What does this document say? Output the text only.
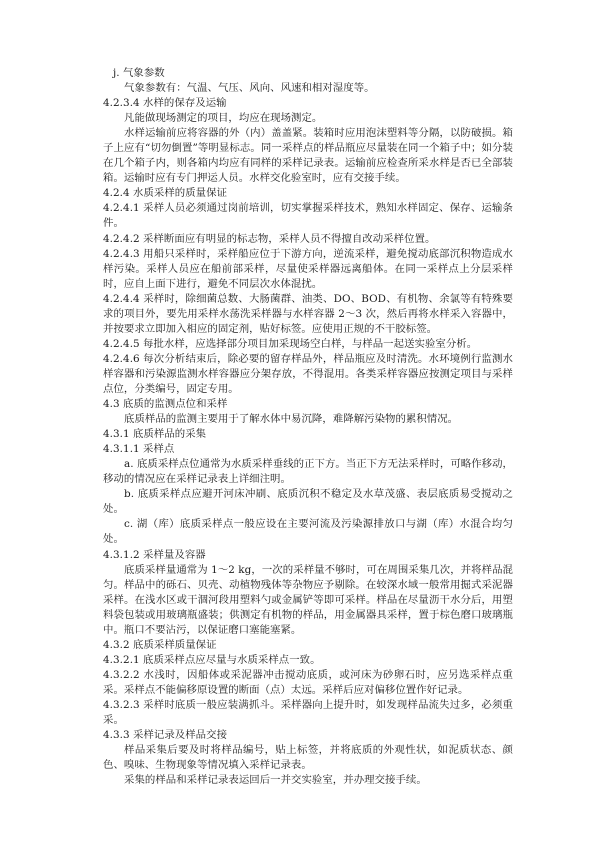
j. 气象参数

气象参数有：气温、气压、风向、风速和相对湿度等。

4.2.3.4 水样的保存及运输

凡能做现场测定的项目，均应在现场测定。

水样运输前应将容器的外（内）盖盖紧。装箱时应用泡沫塑料等分隔，以防破损。箱子上应有“切勿倒置”等明显标志。同一采样点的样品瓶应尽量装在同一个箱子中；如分装在几个箱子内，则各箱内均应有同样的采样记录表。运输前应检查所采水样是否已全部装箱。运输时应有专门押运人员。水样交化验室时，应有交接手续。

4.2.4 水质采样的质量保证

4.2.4.1 采样人员必须通过岗前培训，切实掌握采样技术，熟知水样固定、保存、运输条件。

4.2.4.2 采样断面应有明显的标志物，采样人员不得擅自改动采样位置。

4.2.4.3 用船只采样时，采样船应位于下游方向，逆流采样，避免搅动底部沉积物造成水样污染。采样人员应在船前部采样，尽量使采样器远离船体。在同一采样点上分层采样时，应自上面下进行，避免不同层次水体混扰。

4.2.4.4 采样时，除细菌总数、大肠菌群、油类、DO、BOD、有机物、余氯等有特殊要求的项目外，要先用采样水荡洗采样器与水样容器 2～3 次，然后再将水样采入容器中，并按要求立即加入相应的固定剂，贴好标签。应使用正规的不干胶标签。

4.2.4.5 每批水样，应选择部分项目加采现场空白样，与样品一起送实验室分析。

4.2.4.6 每次分析结束后，除必要的留存样品外，样品瓶应及时清洗。水环境例行监测水样容器和污染源监测水样容器应分架存放，不得混用。各类采样容器应按测定项目与采样点位，分类编号，固定专用。

4.3 底质的监测点位和采样

底质样品的监测主要用于了解水体中易沉降，难降解污染物的累积情况。

4.3.1 底质样品的采集

4.3.1.1 采样点

a. 底质采样点位通常为水质采样垂线的正下方。当正下方无法采样时，可略作移动，移动的情况应在采样记录表上详细注明。

b. 底质采样点应避开河床冲刷、底质沉积不稳定及水草茂盛、表层底质易受搅动之处。

c. 湖（库）底质采样点一般应设在主要河流及污染源排放口与湖（库）水混合均匀处。

4.3.1.2 采样量及容器

底质采样量通常为 1～2 kg，一次的采样量不够时，可在周围采集几次，并将样品混匀。样品中的砾石、贝壳、动植物残体等杂物应予剔除。在较深水域一般常用掘式采泥器采样。在浅水区或干涸河段用塑料勺或金属铲等即可采样。样品在尽量沥干水分后，用塑料袋包装或用玻璃瓶盛装；供测定有机物的样品，用金属器具采样，置于棕色磨口玻璃瓶中。瓶口不要沾污，以保证磨口塞能塞紧。

4.3.2 底质采样质量保证

4.3.2.1 底质采样点应尽量与水质采样点一致。

4.3.2.2 水浅时，因船体或采泥器冲击搅动底质，或河床为砂卵石时，应另选采样点重采。采样点不能偏移原设置的断面（点）太远。采样后应对偏移位置作好记录。

4.3.2.3 采样时底质一般应装满抓斗。采样器向上提升时，如发现样品流失过多，必须重采。

4.3.3 采样记录及样品交接

样品采集后要及时将样品编号，贴上标签，并将底质的外观性状，如泥质状态、颜色、嗅味、生物现象等情况填入采样记录表。

采集的样品和采样记录表运回后一并交实验室，并办理交接手续。
